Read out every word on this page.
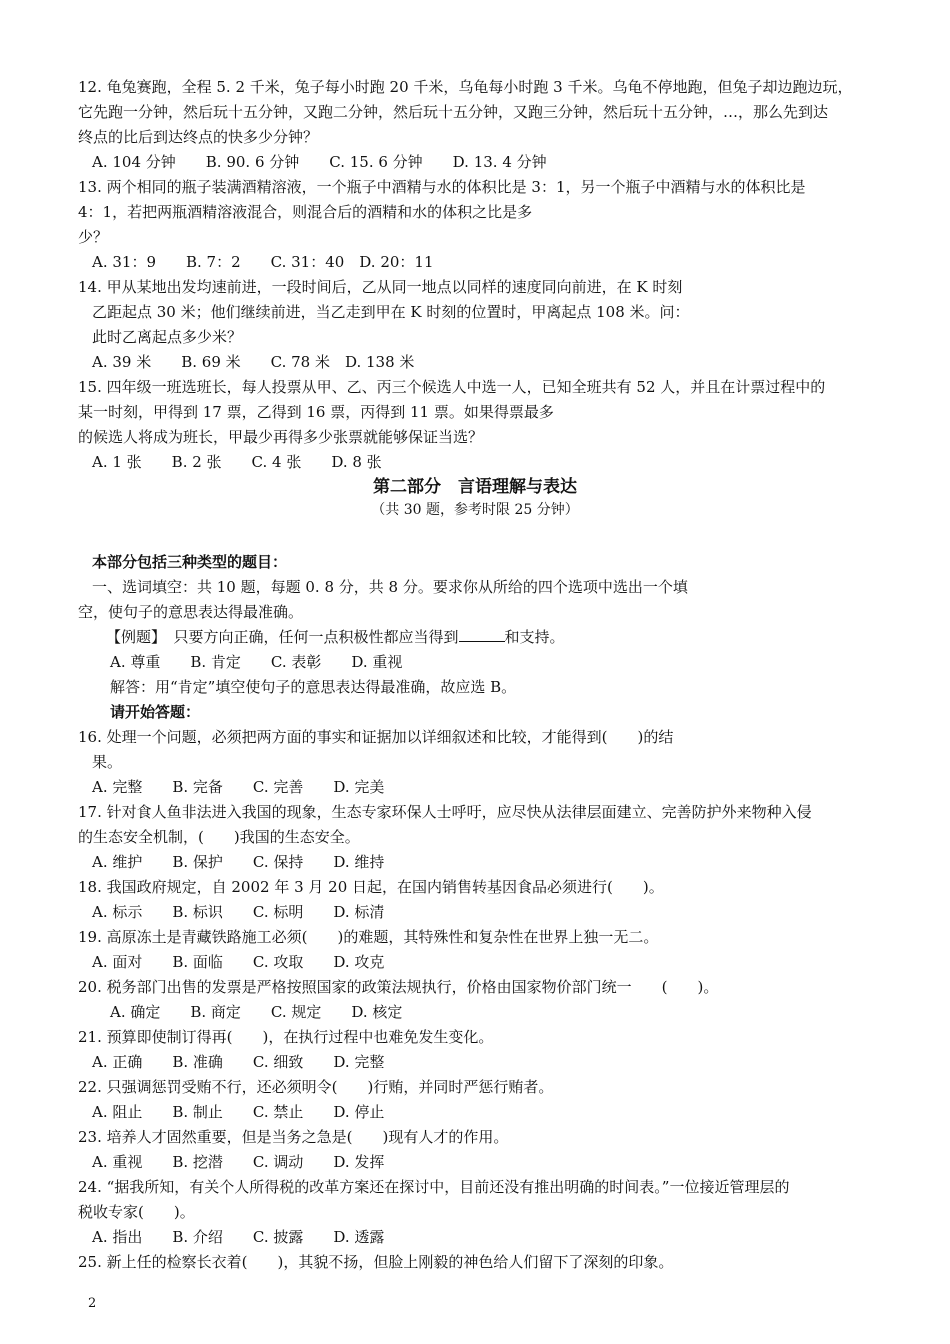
12. 龟兔赛跑，全程 5. 2 千米，兔子每小时跑 20 千米，乌龟每小时跑 3 千米。乌龟不停地跑，但兔子却边跑边玩，
它先跑一分钟，然后玩十五分钟，又跑二分钟，然后玩十五分钟，又跑三分钟，然后玩十五分钟，…，那么先到达
终点的比后到达终点的快多少分钟？
A. 104 分钟　　B. 90. 6 分钟　　C. 15. 6 分钟　　D. 13. 4 分钟
13. 两个相同的瓶子装满酒精溶液，一个瓶子中酒精与水的体积比是 3：1，另一个瓶子中酒精与水的体积比是
4：1，若把两瓶酒精溶液混合，则混合后的酒精和水的体积之比是多
少？
A. 31：9　　B. 7：2　　C. 31：40　D. 20：11
14. 甲从某地出发均速前进，一段时间后，乙从同一地点以同样的速度同向前进，在 K 时刻
乙距起点 30 米；他们继续前进，当乙走到甲在 K 时刻的位置时，甲离起点 108 米。问：
此时乙离起点多少米？
A. 39 米　　B. 69 米　　C. 78 米　D. 138 米
15. 四年级一班选班长，每人投票从甲、乙、丙三个候选人中选一人，已知全班共有 52 人，并且在计票过程中的
某一时刻，甲得到 17 票，乙得到 16 票，丙得到 11 票。如果得票最多
的候选人将成为班长，甲最少再得多少张票就能够保证当选？
A. 1 张　　B. 2 张　　C. 4 张　　D. 8 张
第二部分　言语理解与表达
（共 30 题，参考时限 25 分钟）
本部分包括三种类型的题目：
一、选词填空：共 10 题，每题 0. 8 分，共 8 分。要求你从所给的四个选项中选出一个填
空，使句子的意思表达得最准确。
【例题】　只要方向正确，任何一点积极性都应当得到	和支持。
A. 尊重　　B. 肯定　　C. 表彰　　D. 重视
解答：用“肯定”填空使句子的意思表达得最准确，故应选 B。
请开始答题：
16. 处理一个问题，必须把两方面的事实和证据加以详细叙述和比较，才能得到(　　)的结
果。
A. 完整　　B. 完备　　C. 完善　　D. 完美
17. 针对食人鱼非法进入我国的现象，生态专家环保人士呼吁，应尽快从法律层面建立、完善防护外来物种入侵
的生态安全机制，(　　)我国的生态安全。
A. 维护　　B. 保护　　C. 保持　　D. 维持
18. 我国政府规定，自 2002 年 3 月 20 日起，在国内销售转基因食品必须进行(　　)。
A. 标示　　B. 标识　　C. 标明　　D. 标清
19. 高原冻土是青藏铁路施工必须(　　)的难题，其特殊性和复杂性在世界上独一无二。
A. 面对　　B. 面临　　C. 攻取　　D. 攻克
20. 税务部门出售的发票是严格按照国家的政策法规执行，价格由国家物价部门统一　　(　　)。
A. 确定　　B. 商定　　C. 规定　　D. 核定
21. 预算即使制订得再(　　)，在执行过程中也难免发生变化。
A. 正确　　B. 准确　　C. 细致　　D. 完整
22. 只强调惩罚受贿不行，还必须明令(　　)行贿，并同时严惩行贿者。
A. 阻止　　B. 制止　　C. 禁止　　D. 停止
23. 培养人才固然重要，但是当务之急是(　　)现有人才的作用。
A. 重视　　B. 挖潜　　C. 调动　　D. 发挥
24. “据我所知，有关个人所得税的改革方案还在探讨中，目前还没有推出明确的时间表。”一位接近管理层的
税收专家(　　)。
A. 指出　　B. 介绍　　C. 披露　　D. 透露
25. 新上任的检察长衣着(　　)，其貌不扬，但脸上刚毅的神色给人们留下了深刻的印象。
2
